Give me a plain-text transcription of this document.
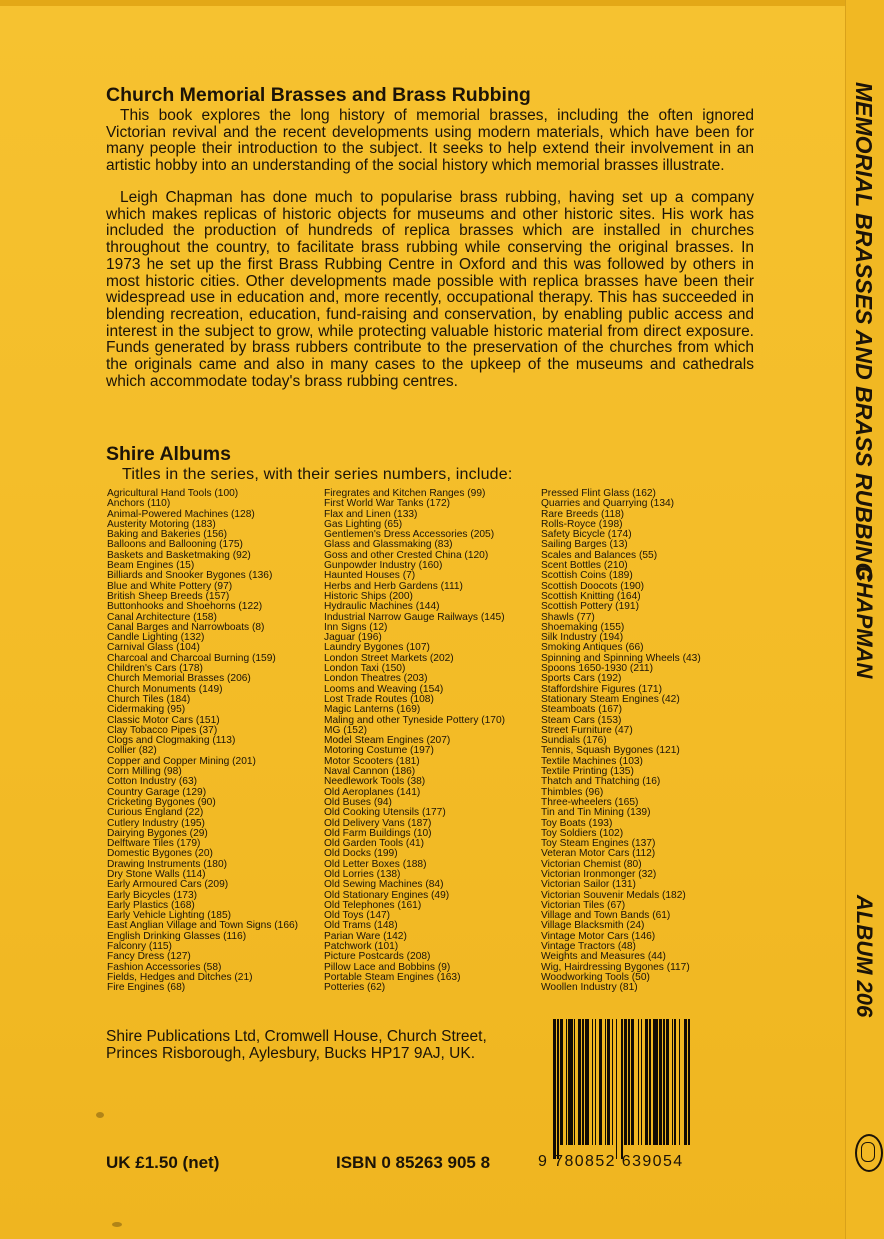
MEMORIAL BRASSES AND BRASS RUBBING
CHAPMAN
ALBUM 206
Church Memorial Brasses and Brass Rubbing

This book explores the long history of memorial brasses, including the often ignored Victorian revival and the recent developments using modern materials, which have been for many people their introduction to the subject. It seeks to help extend their involvement in an artistic hobby into an understanding of the social history which memorial brasses illustrate.

Leigh Chapman has done much to popularise brass rubbing, having set up a company which makes replicas of historic objects for museums and other historic sites. His work has included the production of hundreds of replica brasses which are installed in churches throughout the country, to facilitate brass rubbing while conserving the original brasses. In 1973 he set up the first Brass Rubbing Centre in Oxford and this was followed by others in most historic cities. Other developments made possible with replica brasses have been their widespread use in education and, more recently, occupational therapy. This has succeeded in blending recreation, education, fund-raising and conservation, by enabling public access and interest in the subject to grow, while protecting valuable historic material from direct exposure. Funds generated by brass rubbers contribute to the preservation of the churches from which the originals came and also in many cases to the upkeep of the museums and cathedrals which accommodate today's brass rubbing centres.

Shire Albums

Titles in the series, with their series numbers, include:

Agricultural Hand Tools (100)
Anchors (110)
Animal-Powered Machines (128)
Austerity Motoring (183)
Baking and Bakeries (156)
Balloons and Ballooning (175)
Baskets and Basketmaking (92)
Beam Engines (15)
Billiards and Snooker Bygones (136)
Blue and White Pottery (97)
British Sheep Breeds (157)
Buttonhooks and Shoehorns (122)
Canal Architecture (158)
Canal Barges and Narrowboats (8)
Candle Lighting (132)
Carnival Glass (104)
Charcoal and Charcoal Burning (159)
Children's Cars (178)
Church Memorial Brasses (206)
Church Monuments (149)
Church Tiles (184)
Cidermaking (95)
Classic Motor Cars (151)
Clay Tobacco Pipes (37)
Clogs and Clogmaking (113)
Collier (82)
Copper and Copper Mining (201)
Corn Milling (98)
Cotton Industry (63)
Country Garage (129)
Cricketing Bygones (90)
Curious England (22)
Cutlery Industry (195)
Dairying Bygones (29)
Delftware Tiles (179)
Domestic Bygones (20)
Drawing Instruments (180)
Dry Stone Walls (114)
Early Armoured Cars (209)
Early Bicycles (173)
Early Plastics (168)
Early Vehicle Lighting (185)
East Anglian Village and Town Signs (166)
English Drinking Glasses (116)
Falconry (115)
Fancy Dress (127)
Fashion Accessories (58)
Fields, Hedges and Ditches (21)
Fire Engines (68)
Firegrates and Kitchen Ranges (99)
First World War Tanks (172)
Flax and Linen (133)
Gas Lighting (65)
Gentlemen's Dress Accessories (205)
Glass and Glassmaking (83)
Goss and other Crested China (120)
Gunpowder Industry (160)
Haunted Houses (7)
Herbs and Herb Gardens (111)
Historic Ships (200)
Hydraulic Machines (144)
Industrial Narrow Gauge Railways (145)
Inn Signs (12)
Jaguar (196)
Laundry Bygones (107)
London Street Markets (202)
London Taxi (150)
London Theatres (203)
Looms and Weaving (154)
Lost Trade Routes (108)
Magic Lanterns (169)
Maling and other Tyneside Pottery (170)
MG (152)
Model Steam Engines (207)
Motoring Costume (197)
Motor Scooters (181)
Naval Cannon (186)
Needlework Tools (38)
Old Aeroplanes (141)
Old Buses (94)
Old Cooking Utensils (177)
Old Delivery Vans (187)
Old Farm Buildings (10)
Old Garden Tools (41)
Old Docks (199)
Old Letter Boxes (188)
Old Lorries (138)
Old Sewing Machines (84)
Old Stationary Engines (49)
Old Telephones (161)
Old Toys (147)
Old Trams (148)
Parian Ware (142)
Patchwork (101)
Picture Postcards (208)
Pillow Lace and Bobbins (9)
Portable Steam Engines (163)
Potteries (62)
Pressed Flint Glass (162)
Quarries and Quarrying (134)
Rare Breeds (118)
Rolls-Royce (198)
Safety Bicycle (174)
Sailing Barges (13)
Scales and Balances (55)
Scent Bottles (210)
Scottish Coins (189)
Scottish Doocots (190)
Scottish Knitting (164)
Scottish Pottery (191)
Shawls (77)
Shoemaking (155)
Silk Industry (194)
Smoking Antiques (66)
Spinning and Spinning Wheels (43)
Spoons 1650-1930 (211)
Sports Cars (192)
Staffordshire Figures (171)
Stationary Steam Engines (42)
Steamboats (167)
Steam Cars (153)
Street Furniture (47)
Sundials (176)
Tennis, Squash Bygones (121)
Textile Machines (103)
Textile Printing (135)
Thatch and Thatching (16)
Thimbles (96)
Three-wheelers (165)
Tin and Tin Mining (139)
Toy Boats (193)
Toy Soldiers (102)
Toy Steam Engines (137)
Veteran Motor Cars (112)
Victorian Chemist (80)
Victorian Ironmonger (32)
Victorian Sailor (131)
Victorian Souvenir Medals (182)
Victorian Tiles (67)
Village and Town Bands (61)
Village Blacksmith (24)
Vintage Motor Cars (146)
Vintage Tractors (48)
Weights and Measures (44)
Wig, Hairdressing Bygones (117)
Woodworking Tools (50)
Woollen Industry (81)

Shire Publications Ltd, Cromwell House, Church Street, Princes Risborough, Aylesbury, Bucks HP17 9AJ, UK.

UK £1.50 (net)	ISBN 0 85263 905 8	9 780852 639054
